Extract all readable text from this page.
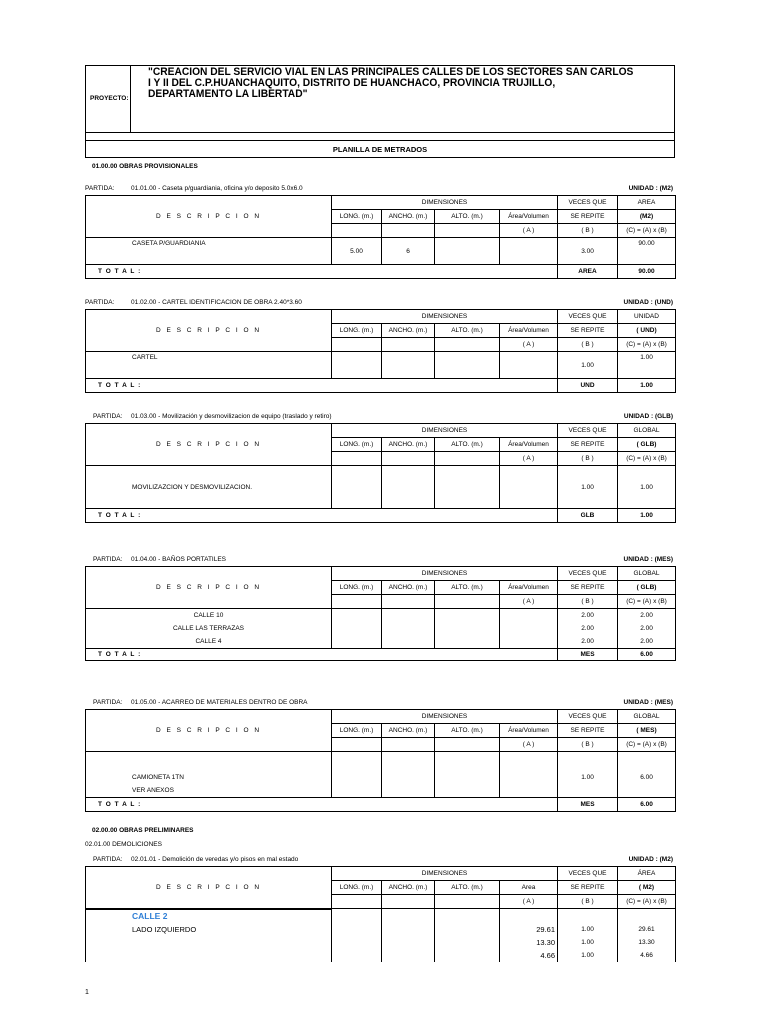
PROYECTO:
"CREACION DEL SERVICIO VIAL EN LAS PRINCIPALES CALLES DE LOS SECTORES SAN CARLOS I Y II DEL C.P.HUANCHAQUITO, DISTRITO DE HUANCHACO, PROVINCIA TRUJILLO, DEPARTAMENTO LA LIBERTAD"
PLANILLA DE METRADOS
01.00.00 OBRAS PROVISIONALES
PARTIDA:	01.01.00 - Caseta p/guardiania, oficina y/o deposito 5.0x6.0	UNIDAD : (M2)
D E S C R I P C I O N	DIMENSIONES				VECES QUE	AREA
	LONG. (m.)	ANCHO. (m.)	ALTO. (m.)	Área/Volumen	SE REPITE	(M2)
				( A )	( B )	(C) = (A) x (B)
CASETA P/GUARDIANIA	5.00	6			3.00	90.00
T O T A L :					AREA	90.00
PARTIDA:	01.02.00 - CARTEL IDENTIFICACION DE OBRA 2.40*3.60	UNIDAD : (UND)
D E S C R I P C I O N	DIMENSIONES				VECES QUE	UNIDAD
	LONG. (m.)	ANCHO. (m.)	ALTO. (m.)	Área/Volumen	SE REPITE	( UND)
				( A )	( B )	(C) = (A) x (B)
CARTEL					1.00	1.00
T O T A L :					UND	1.00
PARTIDA: 01.03.00 - Movilización y desmovilizacion de equipo (traslado y retiro)	UNIDAD : (GLB)
D E S C R I P C I O N	DIMENSIONES				VECES QUE	GLOBAL
	LONG. (m.)	ANCHO. (m.)	ALTO. (m.)	Área/Volumen	SE REPITE	( GLB)
				( A )	( B )	(C) = (A) x (B)
MOVILIZAZCION Y DESMOVILIZACION.					1.00	1.00
T O T A L :					GLB	1.00
PARTIDA: 01.04.00 - BAÑOS PORTATILES	UNIDAD : (MES)
D E S C R I P C I O N	DIMENSIONES				VECES QUE	GLOBAL
	LONG. (m.)	ANCHO. (m.)	ALTO. (m.)	Área/Volumen	SE REPITE	( GLB)
				( A )	( B )	(C) = (A) x (B)
CALLE 10					2.00	2.00
CALLE LAS TERRAZAS					2.00	2.00
CALLE 4					2.00	2.00
T O T A L :					MES	6.00
PARTIDA: 01.05.00 - ACARREO DE MATERIALES DENTRO DE OBRA	UNIDAD : (MES)
D E S C R I P C I O N	DIMENSIONES				VECES QUE	GLOBAL
	LONG. (m.)	ANCHO. (m.)	ALTO. (m.)	Área/Volumen	SE REPITE	( MES)
				( A )	( B )	(C) = (A) x (B)
CAMIONETA 1TN					1.00	6.00
VER ANEXOS						
T O T A L :					MES	6.00
02.00.00 OBRAS PRELIMINARES
02.01.00 DEMOLICIONES
PARTIDA: 02.01.01 - Demolición de veredas y/o pisos en mal estado	UNIDAD : (M2)
D E S C R I P C I O N	DIMENSIONES				VECES QUE	ÁREA
	LONG. (m.)	ANCHO. (m.)	ALTO. (m.)	Area	SE REPITE	( M2)
				( A )	( B )	(C) = (A) x (B)
CALLE 2						
LADO IZQUIERDO				29.61	1.00	29.61
				13.30	1.00	13.30
				4.66	1.00	4.66
1
